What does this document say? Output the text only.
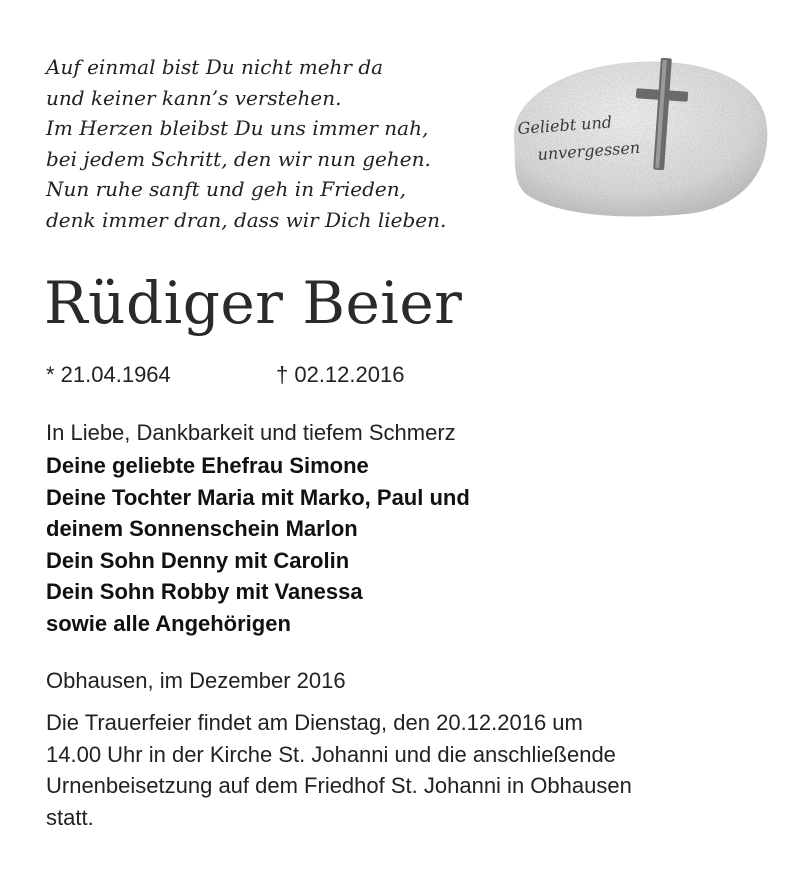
Auf einmal bist Du nicht mehr da
und keiner kann’s verstehen.
Im Herzen bleibst Du uns immer nah,
bei jedem Schritt, den wir nun gehen.
Nun ruhe sanft und geh in Frieden,
denk immer dran, dass wir Dich lieben.
Geliebt und
unvergessen
Rüdiger Beier
* 21.04.1964	† 02.12.2016
In Liebe, Dankbarkeit und tiefem Schmerz
Deine geliebte Ehefrau Simone
Deine Tochter Maria mit Marko, Paul und
deinem Sonnenschein Marlon
Dein Sohn Denny mit Carolin
Dein Sohn Robby mit Vanessa
sowie alle Angehörigen
Obhausen, im Dezember 2016
Die Trauerfeier findet am Dienstag, den 20.12.2016 um
14.00 Uhr in der Kirche St. Johanni und die anschließende
Urnenbeisetzung auf dem Friedhof St. Johanni in Obhausen
statt.
